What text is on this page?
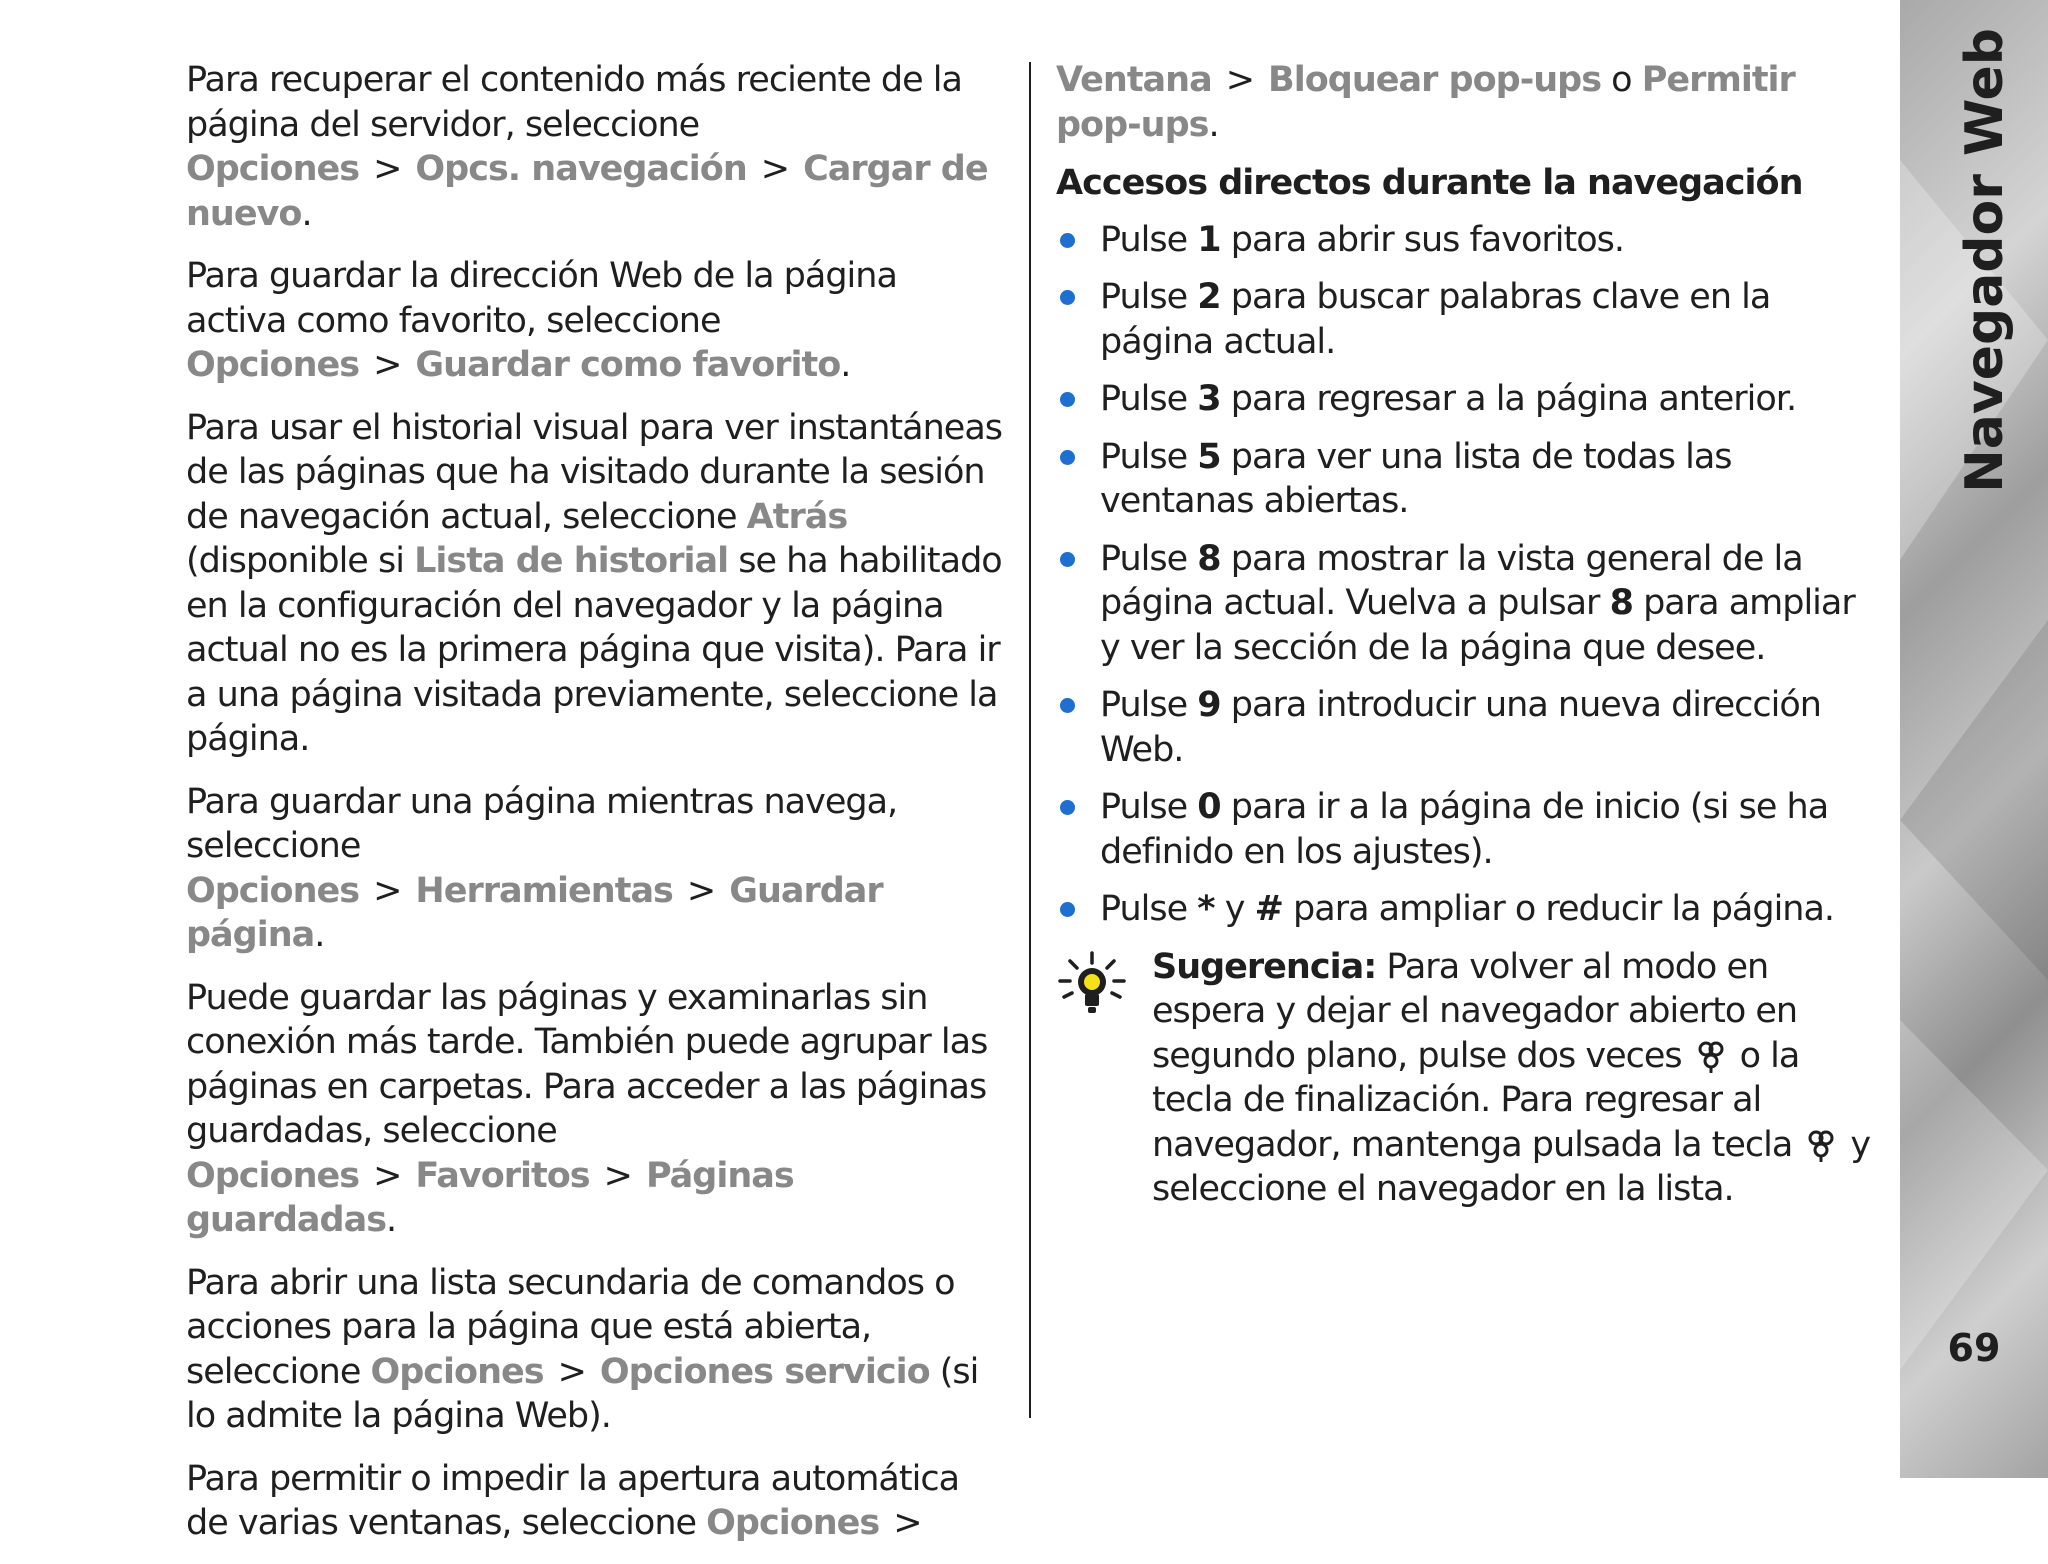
Para recuperar el contenido más reciente de la página del servidor, seleccione Opciones > Opcs. navegación > Cargar de nuevo.

Para guardar la dirección Web de la página activa como favorito, seleccione Opciones > Guardar como favorito.

Para usar el historial visual para ver instantáneas de las páginas que ha visitado durante la sesión de navegación actual, seleccione Atrás (disponible si Lista de historial se ha habilitado en la configuración del navegador y la página actual no es la primera página que visita). Para ir a una página visitada previamente, seleccione la página.

Para guardar una página mientras navega, seleccione Opciones > Herramientas > Guardar página.

Puede guardar las páginas y examinarlas sin conexión más tarde. También puede agrupar las páginas en carpetas. Para acceder a las páginas guardadas, seleccione Opciones > Favoritos > Páginas guardadas.

Para abrir una lista secundaria de comandos o acciones para la página que está abierta, seleccione Opciones > Opciones servicio (si lo admite la página Web).

Para permitir o impedir la apertura automática de varias ventanas, seleccione Opciones >

Ventana > Bloquear pop-ups o Permitir pop-ups.

Accesos directos durante la navegación
Pulse 1 para abrir sus favoritos.
Pulse 2 para buscar palabras clave en la página actual.
Pulse 3 para regresar a la página anterior.
Pulse 5 para ver una lista de todas las ventanas abiertas.
Pulse 8 para mostrar la vista general de la página actual. Vuelva a pulsar 8 para ampliar y ver la sección de la página que desee.
Pulse 9 para introducir una nueva dirección Web.
Pulse 0 para ir a la página de inicio (si se ha definido en los ajustes).
Pulse * y # para ampliar o reducir la página.
Sugerencia: Para volver al modo en espera y dejar el navegador abierto en segundo plano, pulse dos veces o la tecla de finalización. Para regresar al navegador, mantenga pulsada la tecla y seleccione el navegador en la lista.
Navegador Web
69
